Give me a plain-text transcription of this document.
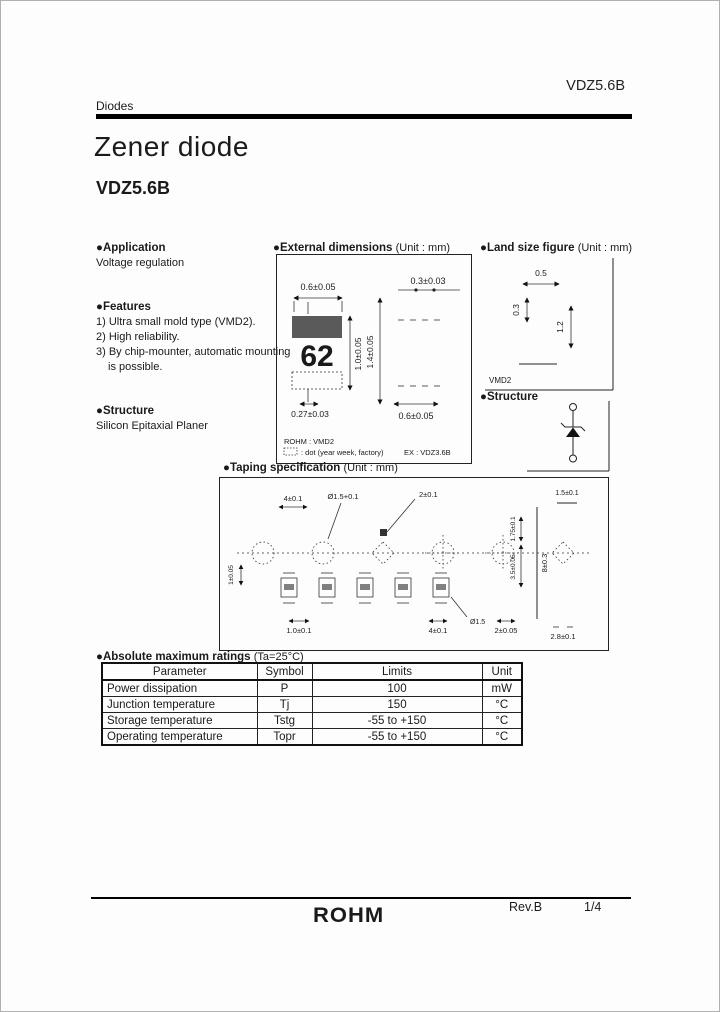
VDZ5.6B
Diodes
Zener diode
VDZ5.6B
●Application
Voltage regulation
●Features
1) Ultra small mold type (VMD2).
2) High reliability.
3) By chip-mounter, automatic mounting
is possible.
●Structure
Silicon Epitaxial Planer
●External dimensions (Unit : mm)
0.6±0.05
62
0.27±0.03
1.0±0.05 1.4±0.05
0.3±0.03
0.6±0.05
ROHM : VMD2
: dot (year week, factory)	EX : VDZ3.6B
●Land size figure (Unit : mm)
0.5
0.3
1.2
VMD2
●Structure
●Taping specification (Unit : mm)
2±0.1
4±0.1	Ø1.5+0.1
1±0.05
1.0±0.1	4±0.1	2±0.05
Ø1.5
1.75±0.1
3.5±0.05	8±0.3
1.5±0.1
2.8±0.1
●Absolute maximum ratings (Ta=25°C)
Parameter	Symbol	Limits	Unit
Power dissipation	P	100	mW
Junction temperature	Tj	150	°C
Storage temperature	Tstg	-55 to +150	°C
Operating temperature	Topr	-55 to +150	°C
Rev.B	1/4
ROHM
